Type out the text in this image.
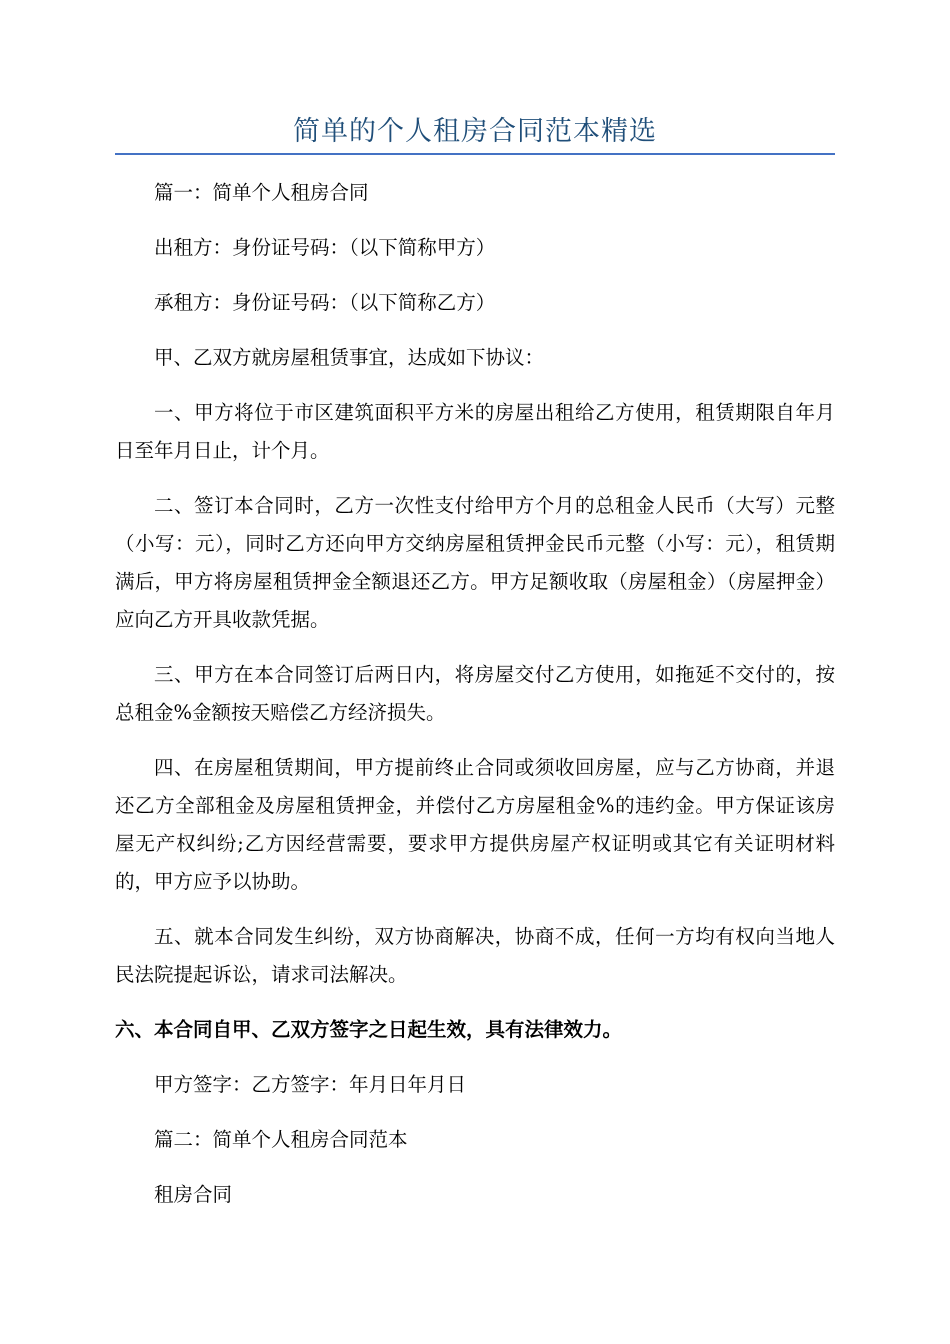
简单的个人租房合同范本精选

篇一：简单个人租房合同

出租方：身份证号码：（以下简称甲方）

承租方：身份证号码：（以下简称乙方）

甲、乙双方就房屋租赁事宜，达成如下协议：

一、甲方将位于市区建筑面积平方米的房屋出租给乙方使用，租赁期限自年月日至年月日止，计个月。

二、签订本合同时，乙方一次性支付给甲方个月的总租金人民币（大写）元整（小写：元），同时乙方还向甲方交纳房屋租赁押金民币元整（小写：元），租赁期满后，甲方将房屋租赁押金全额退还乙方。甲方足额收取（房屋租金）（房屋押金）应向乙方开具收款凭据。

三、甲方在本合同签订后两日内，将房屋交付乙方使用，如拖延不交付的，按总租金%金额按天赔偿乙方经济损失。

四、在房屋租赁期间，甲方提前终止合同或须收回房屋，应与乙方协商，并退还乙方全部租金及房屋租赁押金，并偿付乙方房屋租金%的违约金。甲方保证该房屋无产权纠纷;乙方因经营需要，要求甲方提供房屋产权证明或其它有关证明材料的，甲方应予以协助。

五、就本合同发生纠纷，双方协商解决，协商不成，任何一方均有权向当地人民法院提起诉讼，请求司法解决。

六、本合同自甲、乙双方签字之日起生效，具有法律效力。

甲方签字：乙方签字：年月日年月日

篇二：简单个人租房合同范本

租房合同
